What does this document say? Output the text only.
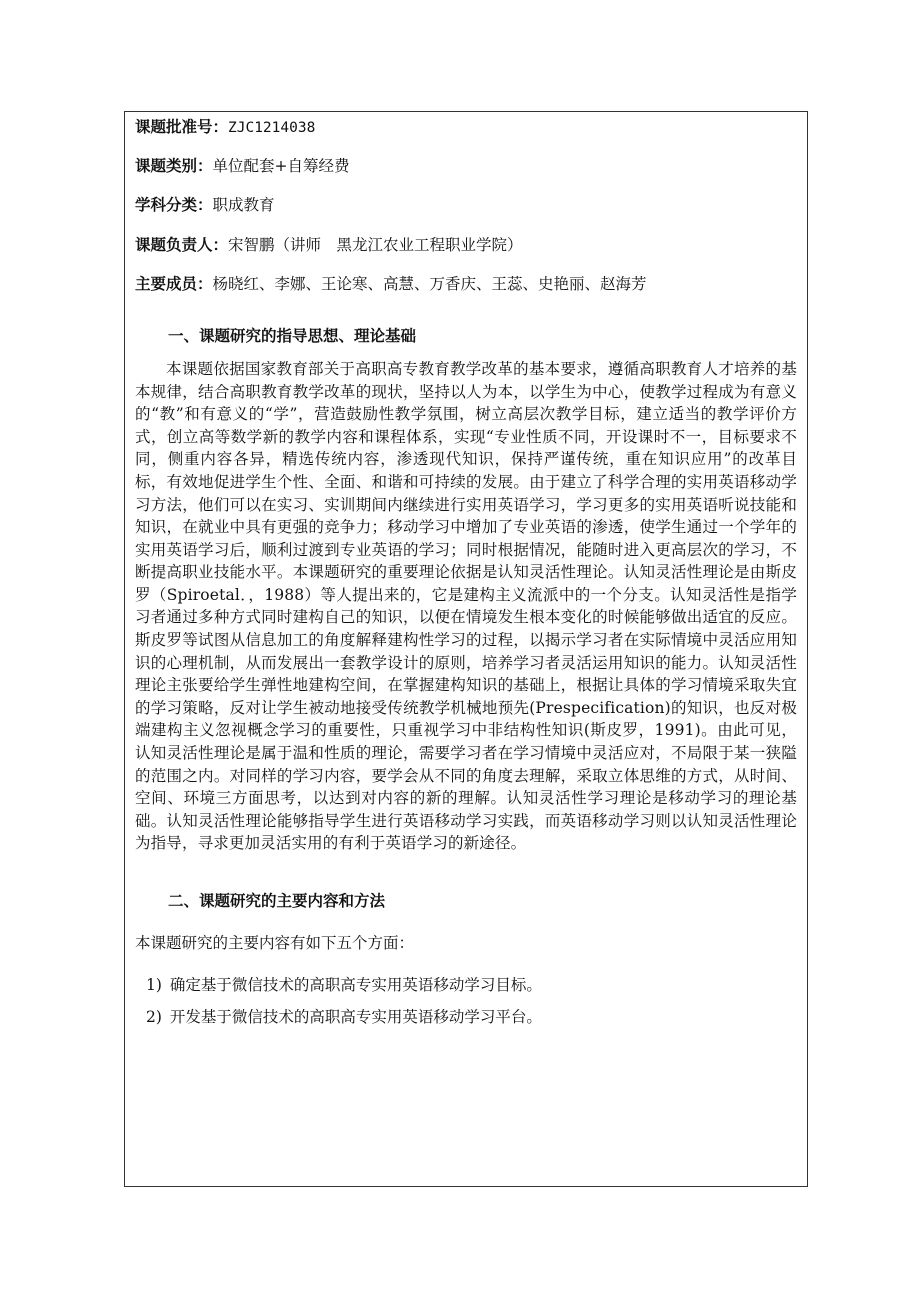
课题批准号：ZJC1214038

课题类别：单位配套+自筹经费

学科分类：职成教育

课题负责人：宋智鹏（讲师　黑龙江农业工程职业学院）

主要成员：杨晓红、李娜、王论寒、高慧、万香庆、王蕊、史艳丽、赵海芳

一、课题研究的指导思想、理论基础

本课题依据国家教育部关于高职高专教育教学改革的基本要求，遵循高职教育人才培养的基本规律，结合高职教育教学改革的现状，坚持以人为本，以学生为中心，使教学过程成为有意义的“教”和有意义的“学”，营造鼓励性教学氛围，树立高层次教学目标，建立适当的教学评价方式，创立高等数学新的教学内容和课程体系，实现“专业性质不同，开设课时不一，目标要求不同，侧重内容各异，精选传统内容，渗透现代知识，保持严谨传统，重在知识应用”的改革目标，有效地促进学生个性、全面、和谐和可持续的发展。由于建立了科学合理的实用英语移动学习方法，他们可以在实习、实训期间内继续进行实用英语学习，学习更多的实用英语听说技能和知识，在就业中具有更强的竞争力；移动学习中增加了专业英语的渗透，使学生通过一个学年的实用英语学习后，顺利过渡到专业英语的学习；同时根据情况，能随时进入更高层次的学习，不断提高职业技能水平。本课题研究的重要理论依据是认知灵活性理论。认知灵活性理论是由斯皮罗（Spiroetal．，1988）等人提出来的，它是建构主义流派中的一个分支。认知灵活性是指学习者通过多种方式同时建构自己的知识，以便在情境发生根本变化的时候能够做出适宜的反应。斯皮罗等试图从信息加工的角度解释建构性学习的过程，以揭示学习者在实际情境中灵活应用知识的心理机制，从而发展出一套教学设计的原则，培养学习者灵活运用知识的能力。认知灵活性理论主张要给学生弹性地建构空间，在掌握建构知识的基础上，根据让具体的学习情境采取失宜的学习策略，反对让学生被动地接受传统教学机械地预先(Prespecification)的知识，也反对极端建构主义忽视概念学习的重要性，只重视学习中非结构性知识(斯皮罗，1991)。由此可见，认知灵活性理论是属于温和性质的理论，需要学习者在学习情境中灵活应对，不局限于某一狭隘的范围之内。对同样的学习内容，要学会从不同的角度去理解，采取立体思维的方式，从时间、空间、环境三方面思考，以达到对内容的新的理解。认知灵活性学习理论是移动学习的理论基础。认知灵活性理论能够指导学生进行英语移动学习实践，而英语移动学习则以认知灵活性理论为指导，寻求更加灵活实用的有利于英语学习的新途径。

二、课题研究的主要内容和方法

本课题研究的主要内容有如下五个方面：

1) 确定基于微信技术的高职高专实用英语移动学习目标。
2) 开发基于微信技术的高职高专实用英语移动学习平台。
